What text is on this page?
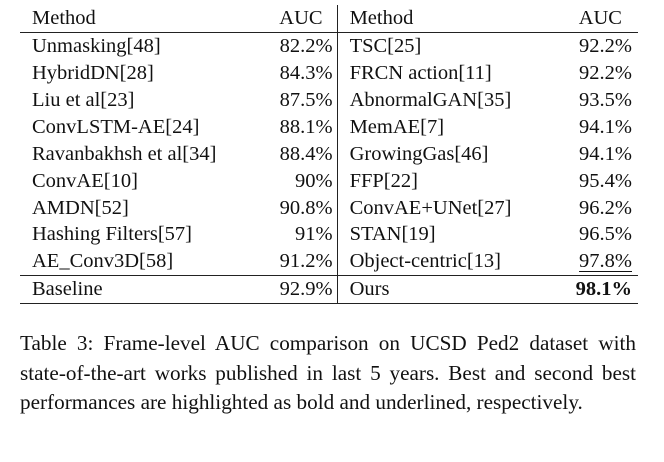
Method	AUC	Method	AUC
Unmasking[48]	82.2%	TSC[25]	92.2%
HybridDN[28]	84.3%	FRCN action[11]	92.2%
Liu et al[23]	87.5%	AbnormalGAN[35]	93.5%
ConvLSTM-AE[24]	88.1%	MemAE[7]	94.1%
Ravanbakhsh et al[34]	88.4%	GrowingGas[46]	94.1%
ConvAE[10]	90%	FFP[22]	95.4%
AMDN[52]	90.8%	ConvAE+UNet[27]	96.2%
Hashing Filters[57]	91%	STAN[19]	96.5%
AE_Conv3D[58]	91.2%	Object-centric[13]	97.8%
Baseline	92.9%	Ours	98.1%

Table 3: Frame-level AUC comparison on UCSD Ped2 dataset with state-of-the-art works published in last 5 years. Best and second best performances are highlighted as bold and underlined, respectively.
